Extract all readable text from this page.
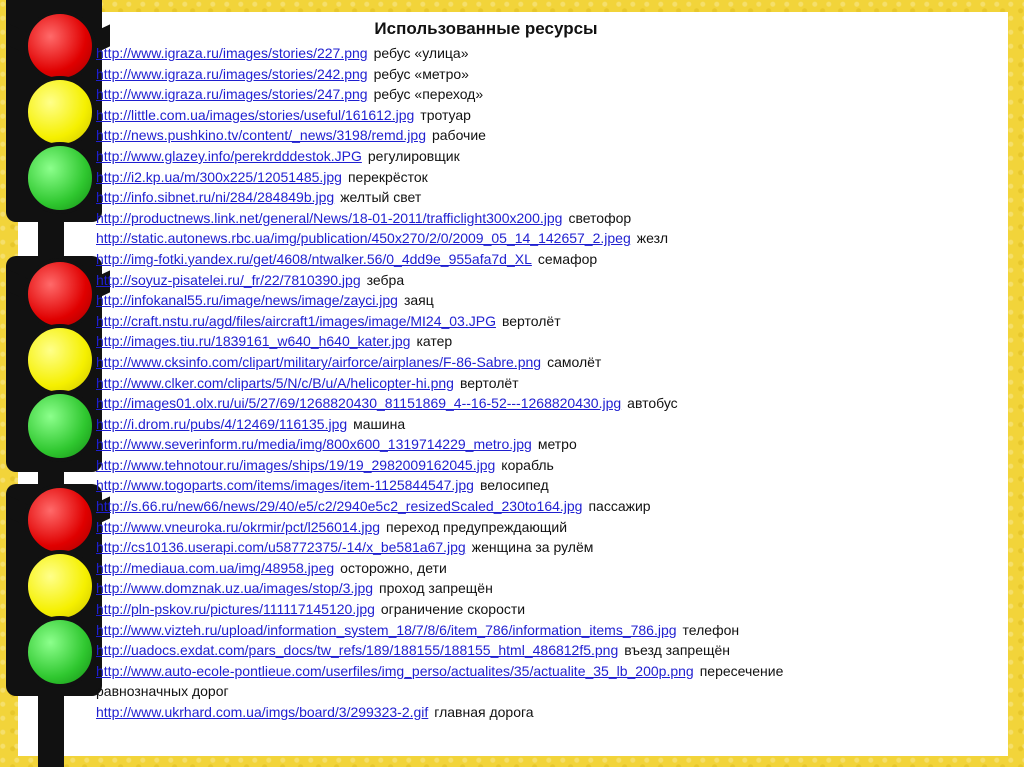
Использованные ресурсы
http://www.igraza.ru/images/stories/227.png ребус «улица»
http://www.igraza.ru/images/stories/242.png ребус «метро»
http://www.igraza.ru/images/stories/247.png ребус «переход»
http://little.com.ua/images/stories/useful/161612.jpg тротуар
http://news.pushkino.tv/content/_news/3198/remd.jpg рабочие
http://www.glazey.info/perekrdddestok.JPG регулировщик
http://i2.kp.ua/m/300x225/12051485.jpg перекрёсток
http://info.sibnet.ru/ni/284/284849b.jpg желтый свет
http://productnews.link.net/general/News/18-01-2011/trafficlight300x200.jpg светофор
http://static.autonews.rbc.ua/img/publication/450x270/2/0/2009_05_14_142657_2.jpeg жезл
http://img-fotki.yandex.ru/get/4608/ntwalker.56/0_4dd9e_955afa7d_XL семафор
http://soyuz-pisatelei.ru/_fr/22/7810390.jpg зебра
http://infokanal55.ru/image/news/image/zayci.jpg заяц
http://craft.nstu.ru/agd/files/aircraft1/images/image/MI24_03.JPG вертолёт
http://images.tiu.ru/1839161_w640_h640_kater.jpg катер
http://www.cksinfo.com/clipart/military/airforce/airplanes/F-86-Sabre.png самолёт
http://www.clker.com/cliparts/5/N/c/B/u/A/helicopter-hi.png вертолёт
http://images01.olx.ru/ui/5/27/69/1268820430_81151869_4--16-52---1268820430.jpg автобус
http://i.drom.ru/pubs/4/12469/116135.jpg машина
http://www.severinform.ru/media/img/800x600_1319714229_metro.jpg метро
http://www.tehnotour.ru/images/ships/19/19_2982009162045.jpg корабль
http://www.togoparts.com/items/images/item-1125844547.jpg велосипед
http://s.66.ru/new66/news/29/40/e5/c2/2940e5c2_resizedScaled_230to164.jpg пассажир
http://www.vneuroka.ru/okrmir/pct/l256014.jpg переход предупреждающий
http://cs10136.userapi.com/u58772375/-14/x_be581a67.jpg женщина за рулём
http://mediaua.com.ua/img/48958.jpeg осторожно, дети
http://www.domznak.uz.ua/images/stop/3.jpg проход запрещён
http://pln-pskov.ru/pictures/111117145120.jpg ограничение скорости
http://www.vizteh.ru/upload/information_system_18/7/8/6/item_786/information_items_786.jpg телефон
http://uadocs.exdat.com/pars_docs/tw_refs/189/188155/188155_html_486812f5.png въезд запрещён
http://www.auto-ecole-pontlieue.com/userfiles/img_perso/actualites/35/actualite_35_lb_200p.png пересечение
равнозначных дорог
http://www.ukrhard.com.ua/imgs/board/3/299323-2.gif главная дорога
